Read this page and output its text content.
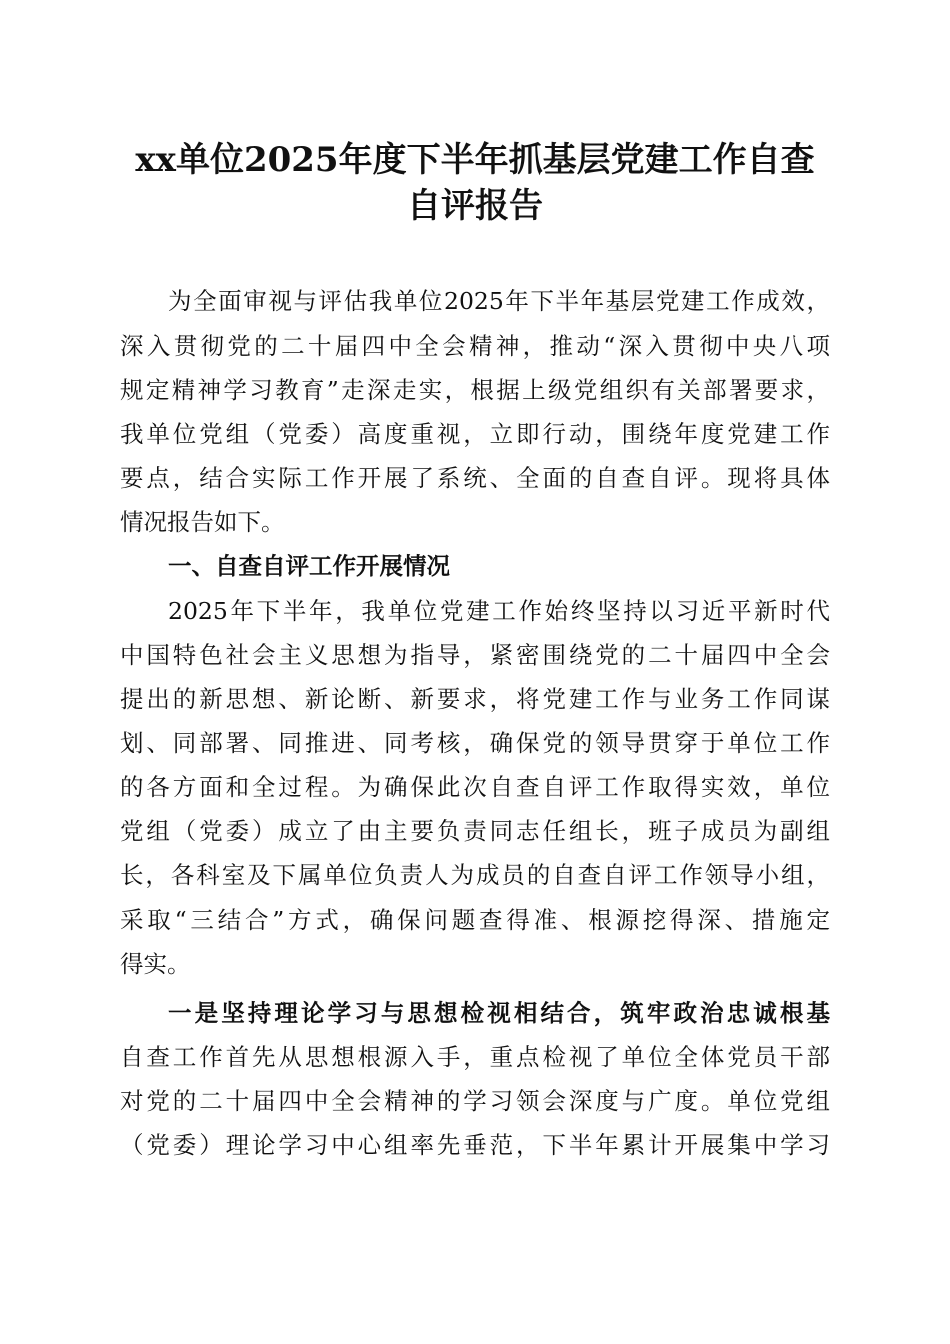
xx单位2025年度下半年抓基层党建工作自查
自评报告
为全面审视与评估我单位2025年下半年基层党建工作成效，
深入贯彻党的二十届四中全会精神，推动“深入贯彻中央八项
规定精神学习教育”走深走实，根据上级党组织有关部署要求，
我单位党组（党委）高度重视，立即行动，围绕年度党建工作
要点，结合实际工作开展了系统、全面的自查自评。现将具体
情况报告如下。
一、自查自评工作开展情况
2025年下半年，我单位党建工作始终坚持以习近平新时代
中国特色社会主义思想为指导，紧密围绕党的二十届四中全会
提出的新思想、新论断、新要求，将党建工作与业务工作同谋
划、同部署、同推进、同考核，确保党的领导贯穿于单位工作
的各方面和全过程。为确保此次自查自评工作取得实效，单位
党组（党委）成立了由主要负责同志任组长，班子成员为副组
长，各科室及下属单位负责人为成员的自查自评工作领导小组，
采取“三结合”方式，确保问题查得准、根源挖得深、措施定
得实。
一是坚持理论学习与思想检视相结合，筑牢政治忠诚根基
自查工作首先从思想根源入手，重点检视了单位全体党员干部
对党的二十届四中全会精神的学习领会深度与广度。单位党组
（党委）理论学习中心组率先垂范，下半年累计开展集中学习
